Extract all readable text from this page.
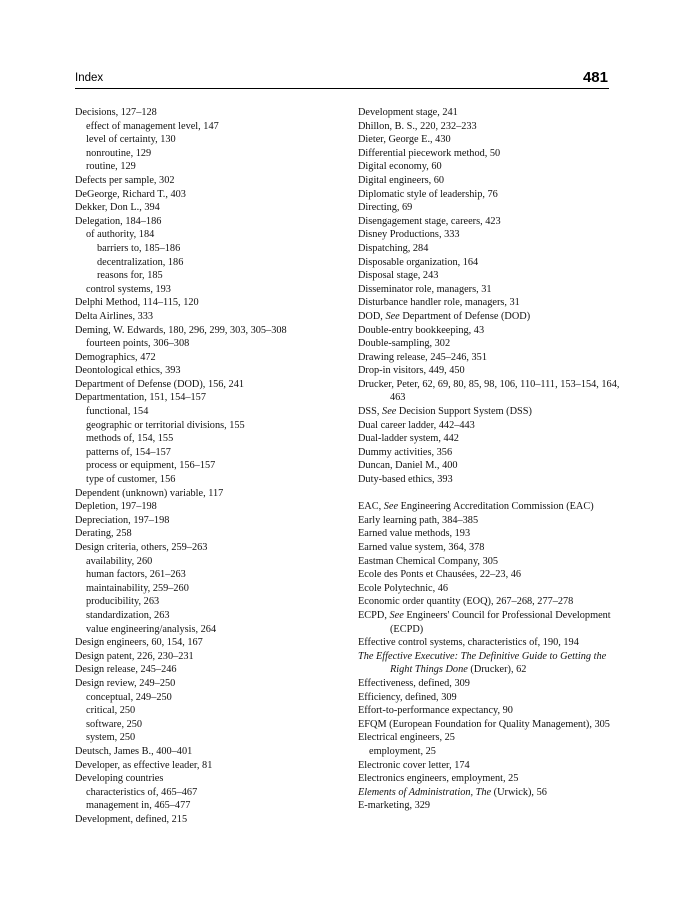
Index	481
Decisions, 127–128
effect of management level, 147
level of certainty, 130
nonroutine, 129
routine, 129
Defects per sample, 302
DeGeorge, Richard T., 403
Dekker, Don L., 394
Delegation, 184–186
of authority, 184
barriers to, 185–186
decentralization, 186
reasons for, 185
control systems, 193
Delphi Method, 114–115, 120
Delta Airlines, 333
Deming, W. Edwards, 180, 296, 299, 303, 305–308
fourteen points, 306–308
Demographics, 472
Deontological ethics, 393
Department of Defense (DOD), 156, 241
Departmentation, 151, 154–157
functional, 154
geographic or territorial divisions, 155
methods of, 154, 155
patterns of, 154–157
process or equipment, 156–157
type of customer, 156
Dependent (unknown) variable, 117
Depletion, 197–198
Depreciation, 197–198
Derating, 258
Design criteria, others, 259–263
availability, 260
human factors, 261–263
maintainability, 259–260
producibility, 263
standardization, 263
value engineering/analysis, 264
Design engineers, 60, 154, 167
Design patent, 226, 230–231
Design release, 245–246
Design review, 249–250
conceptual, 249–250
critical, 250
software, 250
system, 250
Deutsch, James B., 400–401
Developer, as effective leader, 81
Developing countries
characteristics of, 465–467
management in, 465–477
Development, defined, 215
Development stage, 241
Dhillon, B. S., 220, 232–233
Dieter, George E., 430
Differential piecework method, 50
Digital economy, 60
Digital engineers, 60
Diplomatic style of leadership, 76
Directing, 69
Disengagement stage, careers, 423
Disney Productions, 333
Dispatching, 284
Disposable organization, 164
Disposal stage, 243
Disseminator role, managers, 31
Disturbance handler role, managers, 31
DOD, See Department of Defense (DOD)
Double-entry bookkeeping, 43
Double-sampling, 302
Drawing release, 245–246, 351
Drop-in visitors, 449, 450
Drucker, Peter, 62, 69, 80, 85, 98, 106, 110–111, 153–154, 164, 463
DSS, See Decision Support System (DSS)
Dual career ladder, 442–443
Dual-ladder system, 442
Dummy activities, 356
Duncan, Daniel M., 400
Duty-based ethics, 393
EAC, See Engineering Accreditation Commission (EAC)
Early learning path, 384–385
Earned value methods, 193
Earned value system, 364, 378
Eastman Chemical Company, 305
Ecole des Ponts et Chausées, 22–23, 46
Ecole Polytechnic, 46
Economic order quantity (EOQ), 267–268, 277–278
ECPD, See Engineers' Council for Professional Development (ECPD)
Effective control systems, characteristics of, 190, 194
The Effective Executive: The Definitive Guide to Getting the Right Things Done (Drucker), 62
Effectiveness, defined, 309
Efficiency, defined, 309
Effort-to-performance expectancy, 90
EFQM (European Foundation for Quality Management), 305
Electrical engineers, 25
employment, 25
Electronic cover letter, 174
Electronics engineers, employment, 25
Elements of Administration, The (Urwick), 56
E-marketing, 329
